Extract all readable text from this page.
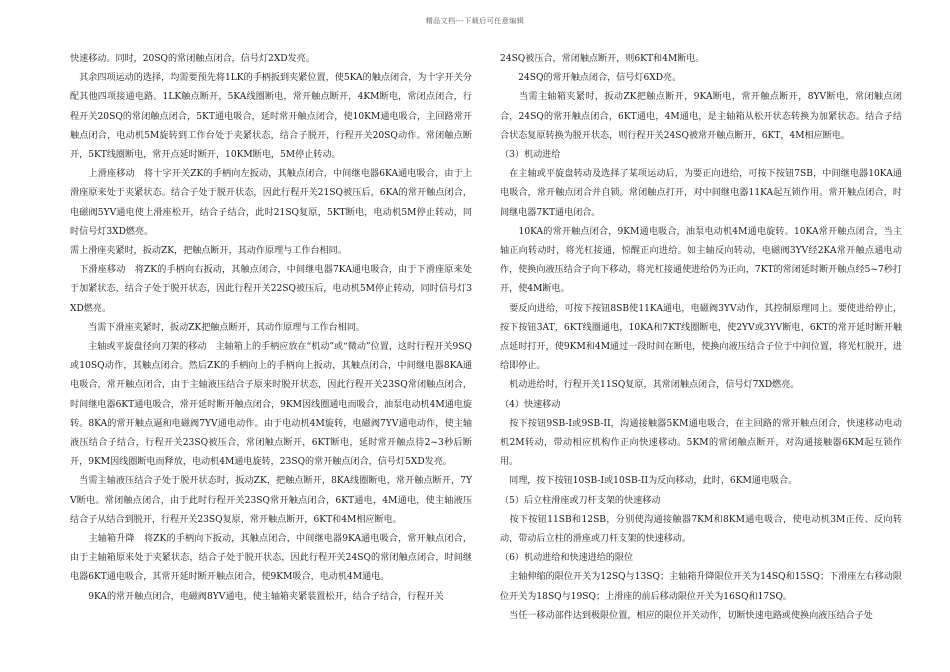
精品文档---下载后可任意编辑

快速移动。同时，20SQ的常闭触点闭合，信号灯2XD发亮。

　其余四项运动的选择，均需要预先将1LK的手柄扳到夹紧位置，使5KA的触点闭合，为十字开关分配其他四项接通电路。1LK触点断开，5KA线圈断电，常开触点断开，4KM断电，常闭点闭合，行程开关20SQ的常闭触点闭合，5KT通电吸合，延时常开触点闭合，使10KM通电吸合，主回路常开触点闭合，电动机5M旋转到工作台处于夹紧状态，结合子脱开，行程开关20SQ动作。常闭触点断开，5KT线圈断电，常开点延时断开，10KM断电，5M停止转动。

　　上滑座移动　将十字开关ZK的手柄向左扳动，其触点闭合，中间继电器6KA通电吸合，由于上滑座原来处于夹紧状态。结合子处于脱开状态，因此行程开关21SQ被压后，6KA的常开触点闭合，电磁阀5YV通电使上滑座松开，结合子结合，此时21SQ复原，5KT断电，电动机5M停止转动，同时信号灯3XD燃亮。

需上滑座夹紧时，扳动ZK，把触点断开，其动作原理与工作台相同。

　下滑座移动　将ZK的手柄向右扳动，其触点闭合，中间继电器7KA通电吸合，由于下滑座原来处于加紧状态，结合子处于脱开状态，因此行程开关22SQ被压后，电动机5M停止转动，同时信号灯3XD燃亮。

　　当需下滑座夹紧时，扳动ZK把触点断开，其动作原理与工作台相同。

　　主轴或平旋盘径向刀架的移动　主轴箱上的手柄应放在“机动”或“微动”位置，这时行程开关9SQ或10SQ动作，其触点闭合。然后ZK的手柄向上的手柄向上扳动，其触点闭合，中间继电器8KA通电吸合，常开触点闭合，由于主轴液压结合子原来时脱开状态，因此行程开关23SQ常闭触点闭合，时间继电器6KT通电吸合，常开延时断开触点闭合，9KM因线圈通电而吸合，油泵电动机4M通电旋转。8KA的常开触点逼和电磁阀7YV通电动作。由于电动机4M旋转，电磁阀7YV通电动作，使主轴液压结合子结合，行程开关23SQ被压合，常闭触点断开，6KT断电，延时常开触点待2~3秒后断开，9KM因线圈断电而释放，电动机4M通电旋转，23SQ的常开触点闭合，信号灯5XD发亮。

　当需主轴液压结合子处于脱开状态时，扳动ZK，把触点断开，8KA线圈断电，常开触点断开，7YV断电。常闭触点闭合，由于此时行程开关23SQ常开触点闭合，6KT通电，4M通电，使主轴液压结合子从结合到脱开，行程开关23SQ复原，常开触点断开，6KT和4M相应断电。

　　主轴箱升降　将ZK的手柄向下扳动，其触点闭合，中间继电器9KA通电吸合，常开触点闭合，由于主轴箱原来处于夹紧状态，结合子处于脱开状态，因此行程开关24SQ的常闭触点闭合，时间继电器6KT通电吸合，其常开延时断开触点闭合，使9KM吸合，电动机4M通电。

　　9KA的常开触点闭合，电磁阀8YV通电，使主轴箱夹紧装置松开，结合子结合，行程开关

24SQ被压合，常闭触点断开，则6KT和4M断电。

　　24SQ的常开触点闭合，信号灯6XD亮。

　　当需主轴箱夹紧时，扳动ZK把触点断开，9KA断电，常开触点断开，8YV断电，常闭触点闭合，24SQ的常开触点闭合，6KT通电，4M通电，是主轴箱从松开状态转换为加紧状态。结合子结合状态复原转换为脱开状态，则行程开关24SQ被常开触点断开，6KT，4M相应断电。

（3）机动进给

　在主轴或平旋盘转动及选择了某项运动后，为要正向进给，可按下按钮7SB，中间继电器10KA通电吸合，常开触点闭合并自锁。常闭触点打开，对中间继电器11KA起互锁作用。常开触点闭合，时间继电器7KT通电闭合。

　　10KA的常开触点闭合，9KM通电吸合，油泵电动机4M通电旋转。10KA常开触点闭合，当主轴正向转动时，将光杠接通，惊醒正向进给。如主轴反向转动，电磁阀3YV经2KA常开触点通电动作，使换向液压结合子向下移动，将光杠接通使进给仍为正向，7KT的常闭延时断开触点经5~7秒打开，使4M断电。

　要反向进给，可按下按钮8SB使11KA通电，电磁阀3YV动作，其控制原理同上。要使进给停止，按下按钮3AT，6KT线圈通电，10KA和7KT线圈断电，使2YV或3YV断电，6KT的常开延时断开触点延时打开，使9KM和4M通过一段时间在断电，使换向液压结合子位于中间位置，将光杠脱开，进给即停止。

　机动进给时，行程开关11SQ复原，其常闭触点闭合，信号灯7XD燃亮。

（4）快速移动

　按下按钮9SB-I或9SB-II，沟通接触器5KM通电吸合，在主回路的常开触点闭合，快速移动电动机2M转动，带动相应机构作正向快速移动。5KM的常闭触点断开，对沟通接触器6KM起互锁作用。

　同理，按下按钮10SB-I或10SB-II为反向移动，此时，6KM通电吸合。

（5）后立柱滑座或刀杆支架的快速移动

　按下按钮11SB和12SB，分别使沟通接触器7KM和8KM通电吸合，使电动机3M正传、反向转动，带动后立柱的滑座或刀杆支架的快速移动。

（6）机动进给和快速进给的限位

　主轴伸缩的限位开关为12SQ与13SQ；主轴箱升降限位开关为14SQ和15SQ；下滑座左右移动限位开关为18SQ与19SQ；上滑座的前后移动限位开关为16SQ和17SQ。

　当任一移动部件达到极限位置，相应的限位开关动作，切断快速电路或使换向液压结合子处
